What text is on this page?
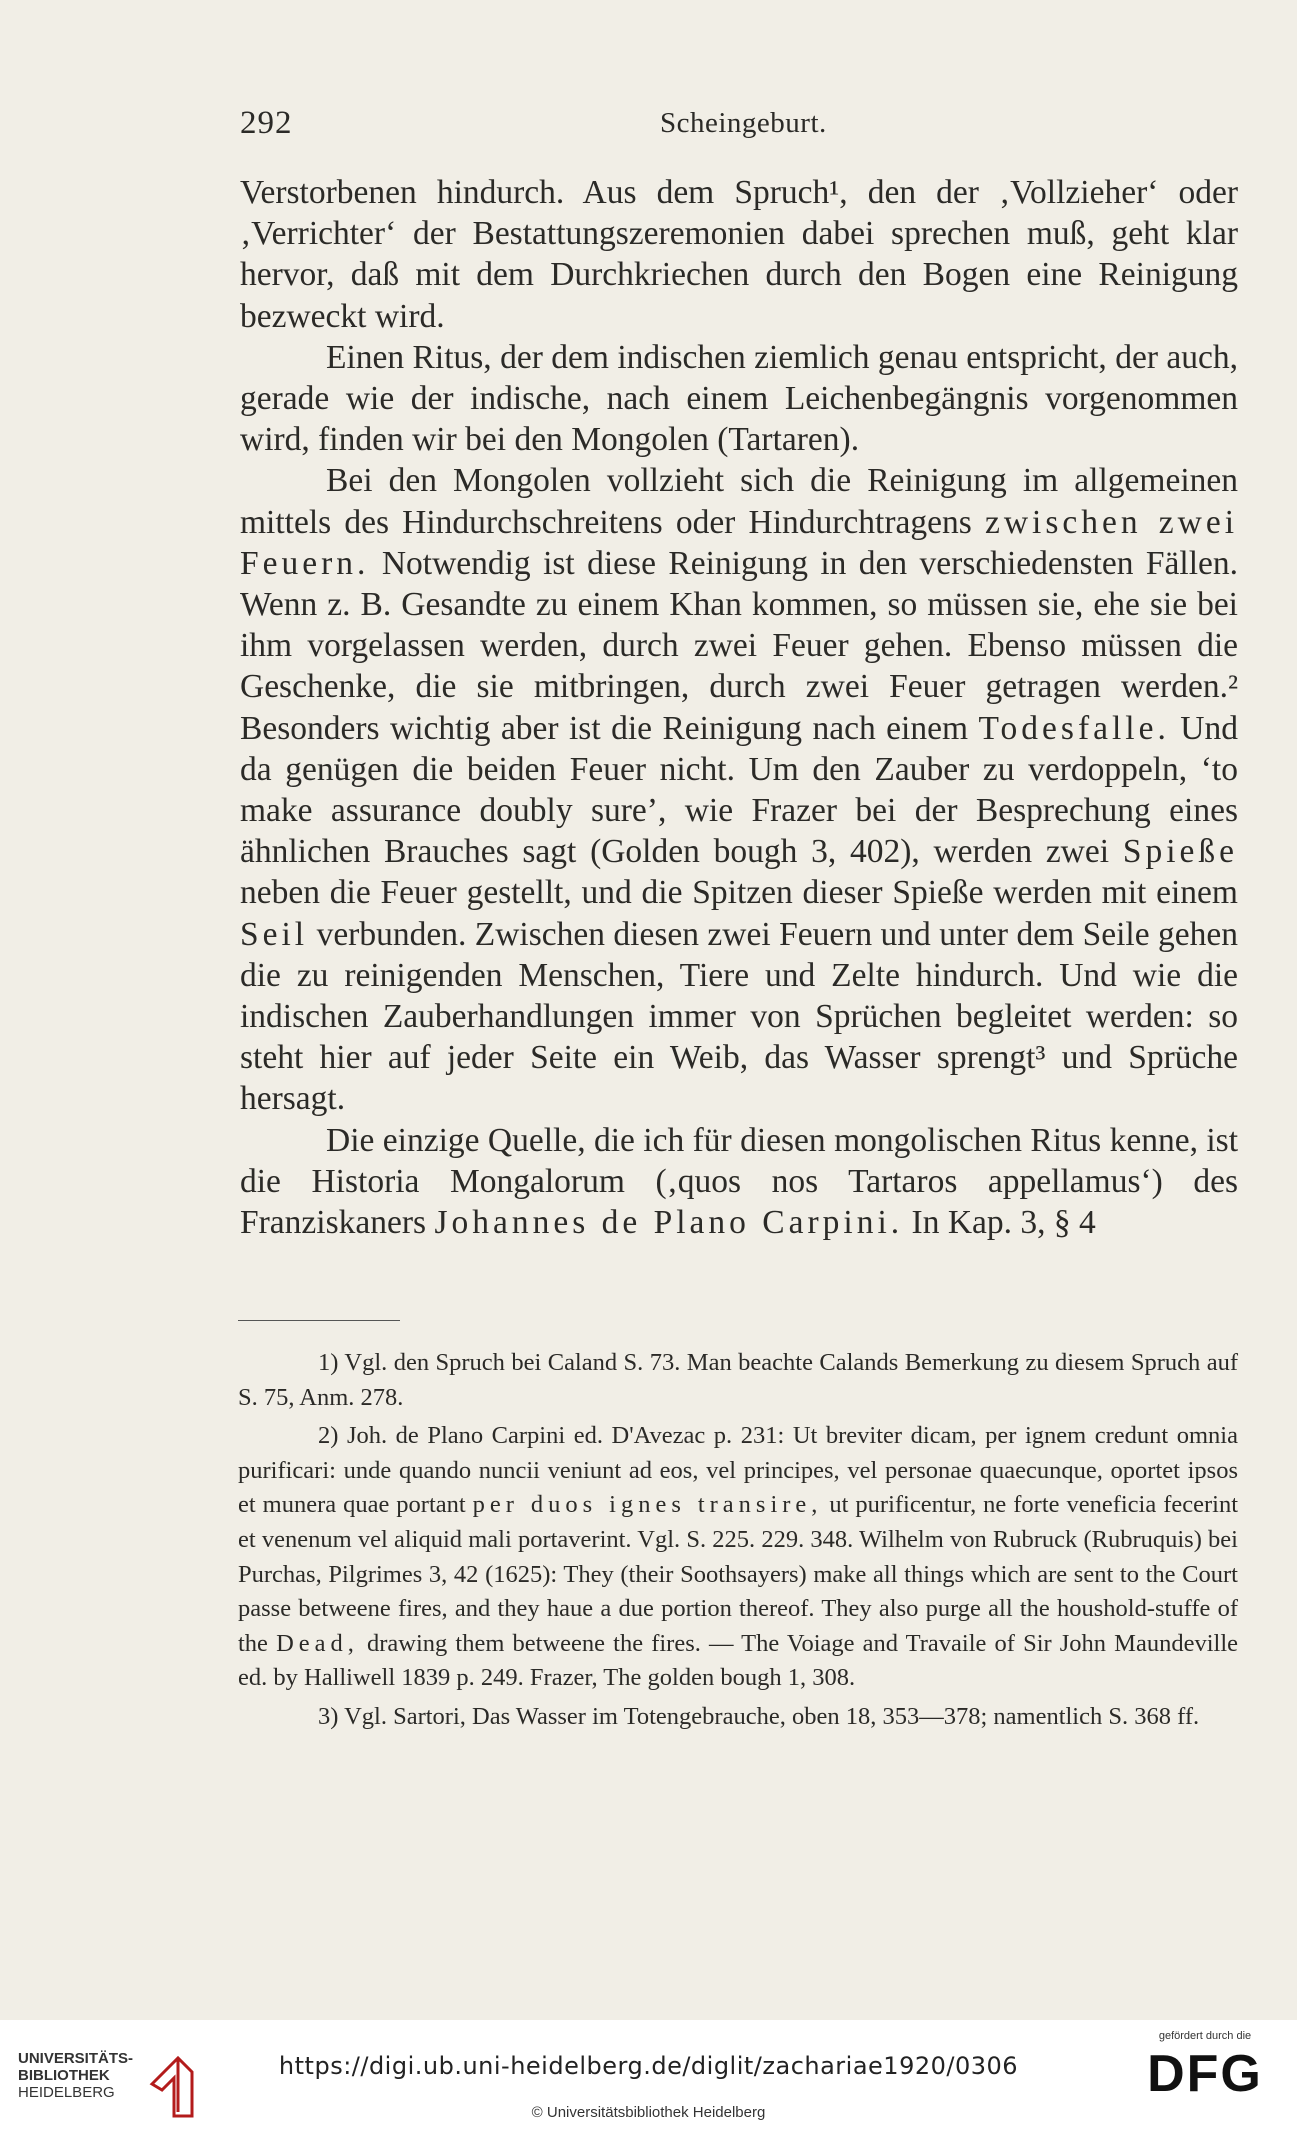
292	Scheingeburt.

Verstorbenen hindurch. Aus dem Spruch¹, den der ‚Vollzieher‘ oder ‚Verrichter‘ der Bestattungszeremonien dabei sprechen muß, geht klar hervor, daß mit dem Durchkriechen durch den Bogen eine Reinigung bezweckt wird.

Einen Ritus, der dem indischen ziemlich genau entspricht, der auch, gerade wie der indische, nach einem Leichenbegängnis vorgenommen wird, finden wir bei den Mongolen (Tartaren).

Bei den Mongolen vollzieht sich die Reinigung im allgemeinen mittels des Hindurchschreitens oder Hindurchtragens zwischen zwei Feuern. Notwendig ist diese Reinigung in den verschiedensten Fällen. Wenn z. B. Gesandte zu einem Khan kommen, so müssen sie, ehe sie bei ihm vorgelassen werden, durch zwei Feuer gehen. Ebenso müssen die Geschenke, die sie mitbringen, durch zwei Feuer getragen werden.² Besonders wichtig aber ist die Reinigung nach einem Todesfalle. Und da genügen die beiden Feuer nicht. Um den Zauber zu verdoppeln, ‘to make assurance doubly sure’, wie Frazer bei der Besprechung eines ähnlichen Brauches sagt (Golden bough 3, 402), werden zwei Spieße neben die Feuer gestellt, und die Spitzen dieser Spieße werden mit einem Seil verbunden. Zwischen diesen zwei Feuern und unter dem Seile gehen die zu reinigenden Menschen, Tiere und Zelte hindurch. Und wie die indischen Zauberhandlungen immer von Sprüchen begleitet werden: so steht hier auf jeder Seite ein Weib, das Wasser sprengt³ und Sprüche hersagt.

Die einzige Quelle, die ich für diesen mongolischen Ritus kenne, ist die Historia Mongalorum (‚quos nos Tartaros appellamus‘) des Franziskaners Johannes de Plano Carpini. In Kap. 3, § 4

1) Vgl. den Spruch bei Caland S. 73. Man beachte Calands Bemerkung zu diesem Spruch auf S. 75, Anm. 278.

2) Joh. de Plano Carpini ed. D'Avezac p. 231: Ut breviter dicam, per ignem credunt omnia purificari: unde quando nuncii veniunt ad eos, vel principes, vel personae quaecunque, oportet ipsos et munera quae portant per duos ignes transire, ut purificentur, ne forte veneficia fecerint et venenum vel aliquid mali portaverint. Vgl. S. 225. 229. 348. Wilhelm von Rubruck (Rubruquis) bei Purchas, Pilgrimes 3, 42 (1625): They (their Soothsayers) make all things which are sent to the Court passe betweene fires, and they haue a due portion thereof. They also purge all the houshold-stuffe of the Dead, drawing them betweene the fires. — The Voiage and Travaile of Sir John Maundeville ed. by Halliwell 1839 p. 249. Frazer, The golden bough 1, 308.

3) Vgl. Sartori, Das Wasser im Totengebrauche, oben 18, 353—378; namentlich S. 368 ff.

UNIVERSITÄTS-
BIBLIOTHEK
HEIDELBERG
https://digi.ub.uni-heidelberg.de/diglit/zachariae1920/0306
© Universitätsbibliothek Heidelberg
gefördert durch die
DFG
